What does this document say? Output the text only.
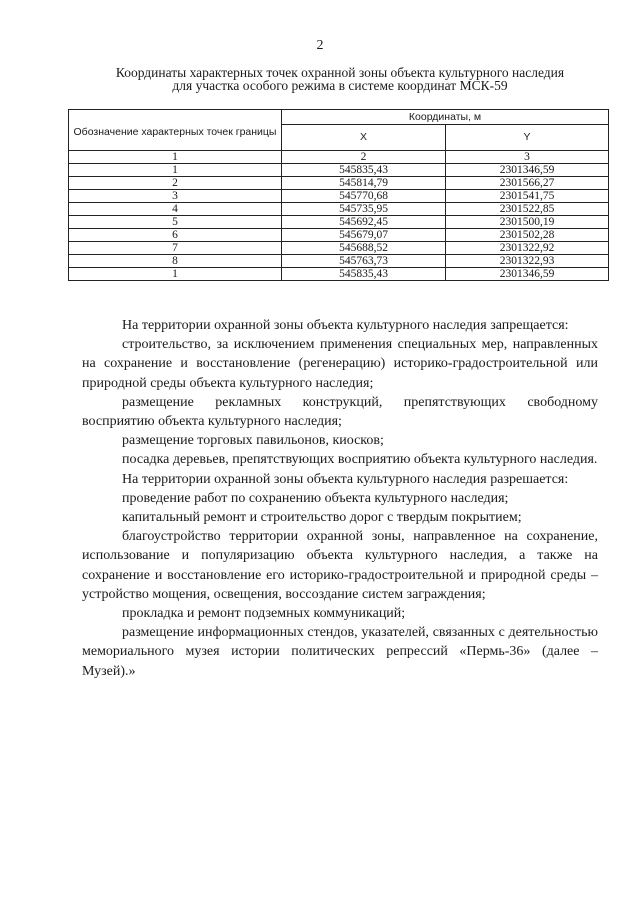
2
Координаты характерных точек охранной зоны объекта культурного наследия
для участка особого режима в системе координат МСК-59
Обозначение характерных точек границы	Координаты, м	
	X	Y
1	2	3
1	545835,43	2301346,59
2	545814,79	2301566,27
3	545770,68	2301541,75
4	545735,95	2301522,85
5	545692,45	2301500,19
6	545679,07	2301502,28
7	545688,52	2301322,92
8	545763,73	2301322,93
1	545835,43	2301346,59

На территории охранной зоны объекта культурного наследия запрещается:

строительство, за исключением применения специальных мер, направленных на сохранение и восстановление (регенерацию) историко-градостроительной или природной среды объекта культурного наследия;

размещение рекламных конструкций, препятствующих свободному восприятию объекта культурного наследия;

размещение торговых павильонов, киосков;

посадка деревьев, препятствующих восприятию объекта культурного наследия.

На территории охранной зоны объекта культурного наследия разрешается:

проведение работ по сохранению объекта культурного наследия;

капитальный ремонт и строительство дорог с твердым покрытием;

благоустройство территории охранной зоны, направленное на сохранение, использование и популяризацию объекта культурного наследия, а также на сохранение и восстановление его историко-градостроительной и природной среды – устройство мощения, освещения, воссоздание систем заграждения;

прокладка и ремонт подземных коммуникаций;

размещение информационных стендов, указателей, связанных с деятельностью мемориального музея истории политических репрессий «Пермь-36» (далее – Музей).»
